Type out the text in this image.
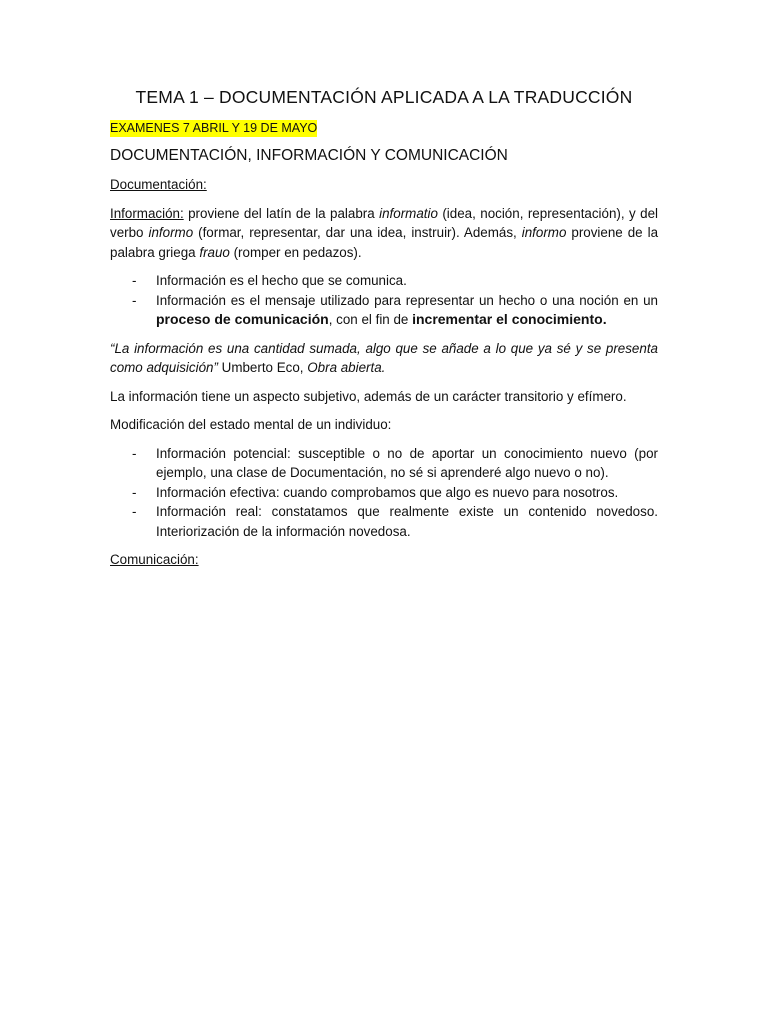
TEMA 1 – DOCUMENTACIÓN APLICADA A LA TRADUCCIÓN
EXAMENES 7 ABRIL Y 19 DE MAYO
DOCUMENTACIÓN, INFORMACIÓN Y COMUNICACIÓN

Documentación:

Información: proviene del latín de la palabra informatio (idea, noción, representación), y del verbo informo (formar, representar, dar una idea, instruir). Además, informo proviene de la palabra griega frauo (romper en pedazos).

- Información es el hecho que se comunica.
- Información es el mensaje utilizado para representar un hecho o una noción en un proceso de comunicación, con el fin de incrementar el conocimiento.

“La información es una cantidad sumada, algo que se añade a lo que ya sé y se presenta como adquisición” Umberto Eco, Obra abierta.

La información tiene un aspecto subjetivo, además de un carácter transitorio y efímero.

Modificación del estado mental de un individuo:

- Información potencial: susceptible o no de aportar un conocimiento nuevo (por ejemplo, una clase de Documentación, no sé si aprenderé algo nuevo o no).
- Información efectiva: cuando comprobamos que algo es nuevo para nosotros.
- Información real: constatamos que realmente existe un contenido novedoso. Interiorización de la información novedosa.

Comunicación:
